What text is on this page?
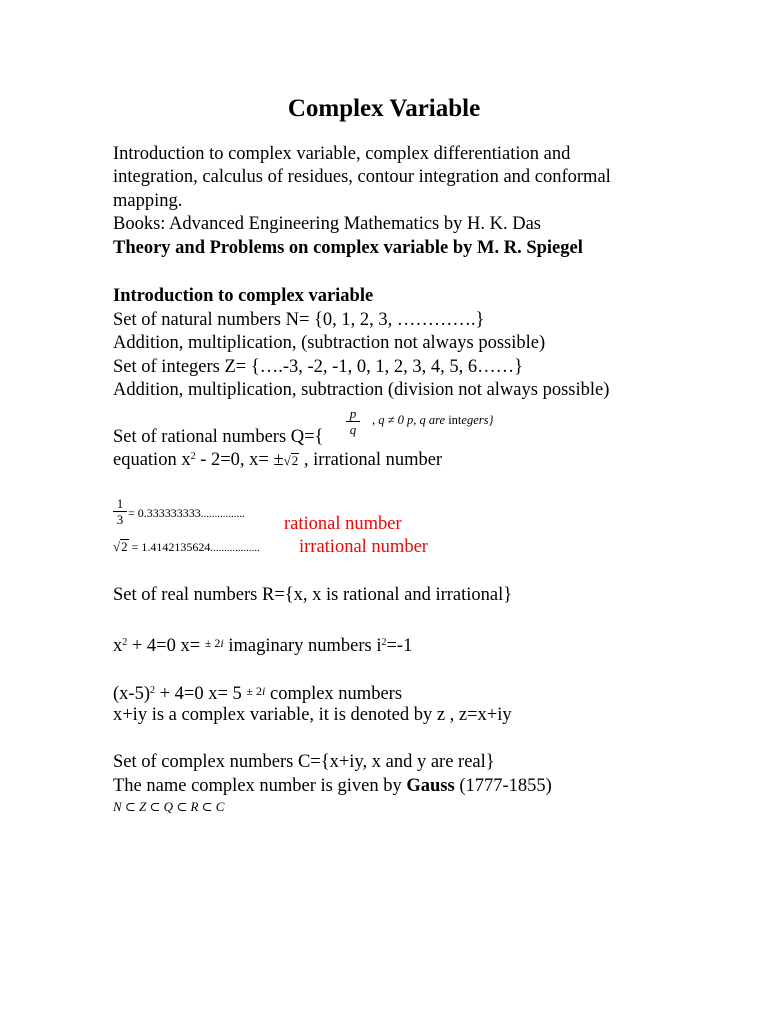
Complex Variable
Introduction to complex variable, complex differentiation and
integration, calculus of residues, contour integration and conformal
mapping.
Books: Advanced Engineering Mathematics by H. K. Das
Theory and Problems on complex variable by M. R. Spiegel
Introduction to complex variable
Set of natural numbers N= {0, 1, 2, 3, ………….}
Addition, multiplication, (subtraction not always possible)
Set of integers Z= {….-3, -2, -1, 0, 1, 2, 3, 4, 5, 6……}
Addition, multiplication, subtraction (division not always possible)
Set of rational numbers $Q=\{ \frac{p}{q}$ , q ≠ 0 p, q are integers}
equation $x^2 - 2=0$, x= ±√2 , irrational number
$\frac{1}{3} = 0.333333333$................ rational number
√2 = 1.4142135624.................. irrational number
Set of real numbers R={x, x is rational and irrational}
$x^2 + 4=0$ x= $^{\pm 2i}$ imaginary numbers $i^2=-1$
$(x-5)^2 + 4=0$ x= 5 $^{\pm 2i}$ complex numbers
x+iy is a complex variable, it is denoted by z , z=x+iy
Set of complex numbers C={x+iy, x and y are real}
The name complex number is given by Gauss (1777-1855)
N ⊂ Z ⊂ Q ⊂ R ⊂ C
